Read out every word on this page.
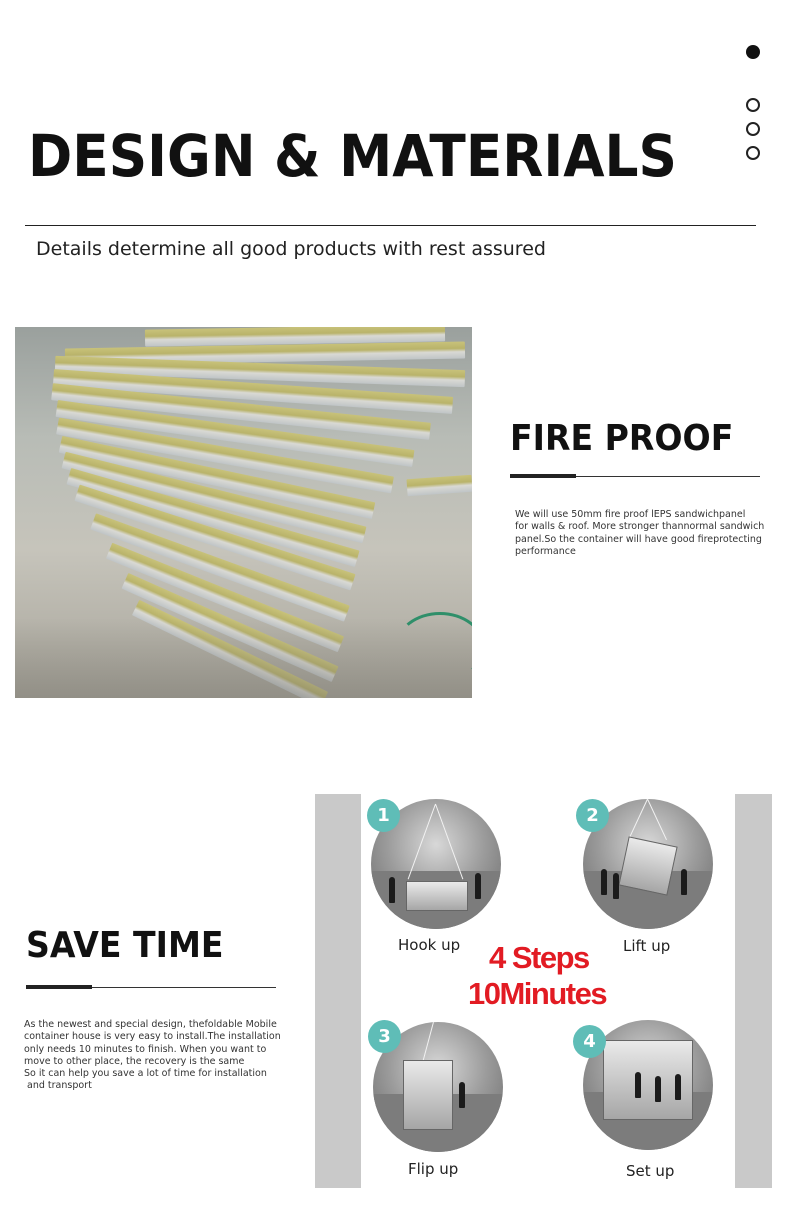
DESIGN & MATERIALS

Details determine all good products with rest assured

FIRE PROOF
We will use 50mm fire proof lEPS sandwichpanel
for walls & roof. More stronger thannormal sandwich
panel.So the container will have good fireprotecting
performance
SAVE TIME
As the newest and special design, thefoldable Mobile
container house is very easy to install.The installation
only needs 10 minutes to finish. When you want to
move to other place, the recovery is the same
So it can help you save a lot of time for installation
and transport
1
Hook up
2
Lift up
4 Steps
10Minutes
3
Flip up
4
Set up
